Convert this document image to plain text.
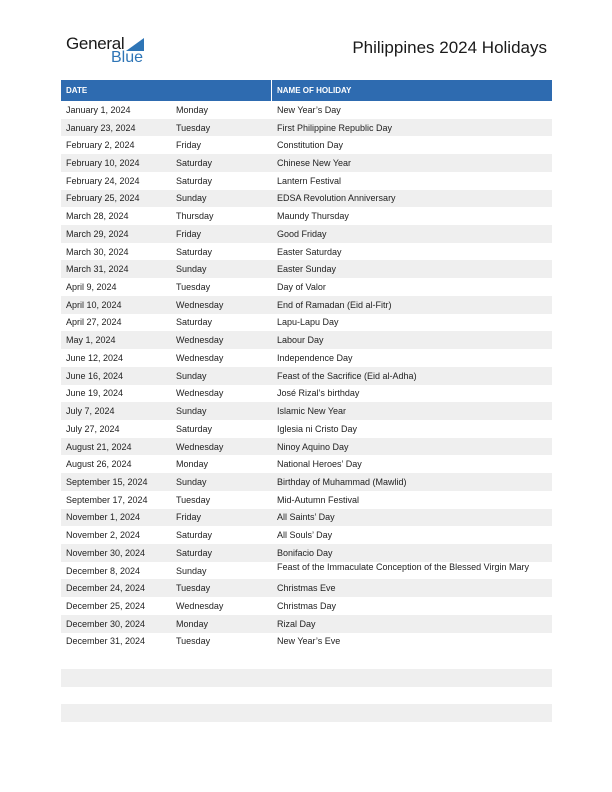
General
Blue
Philippines 2024 Holidays
DATE	NAME OF HOLIDAY
January 1, 2024	Monday	New Year’s Day
January 23, 2024	Tuesday	First Philippine Republic Day
February 2, 2024	Friday	Constitution Day
February 10, 2024	Saturday	Chinese New Year
February 24, 2024	Saturday	Lantern Festival
February 25, 2024	Sunday	EDSA Revolution Anniversary
March 28, 2024	Thursday	Maundy Thursday
March 29, 2024	Friday	Good Friday
March 30, 2024	Saturday	Easter Saturday
March 31, 2024	Sunday	Easter Sunday
April 9, 2024	Tuesday	Day of Valor
April 10, 2024	Wednesday	End of Ramadan (Eid al-Fitr)
April 27, 2024	Saturday	Lapu-Lapu Day
May 1, 2024	Wednesday	Labour Day
June 12, 2024	Wednesday	Independence Day
June 16, 2024	Sunday	Feast of the Sacrifice (Eid al-Adha)
June 19, 2024	Wednesday	José Rizal’s birthday
July 7, 2024	Sunday	Islamic New Year
July 27, 2024	Saturday	Iglesia ni Cristo Day
August 21, 2024	Wednesday	Ninoy Aquino Day
August 26, 2024	Monday	National Heroes’ Day
September 15, 2024	Sunday	Birthday of Muhammad (Mawlid)
September 17, 2024	Tuesday	Mid-Autumn Festival
November 1, 2024	Friday	All Saints’ Day
November 2, 2024	Saturday	All Souls’ Day
November 30, 2024	Saturday	Bonifacio Day
December 8, 2024	Sunday	Feast of the Immaculate Conception of the Blessed Virgin Mary
December 24, 2024	Tuesday	Christmas Eve
December 25, 2024	Wednesday	Christmas Day
December 30, 2024	Monday	Rizal Day
December 31, 2024	Tuesday	New Year’s Eve
